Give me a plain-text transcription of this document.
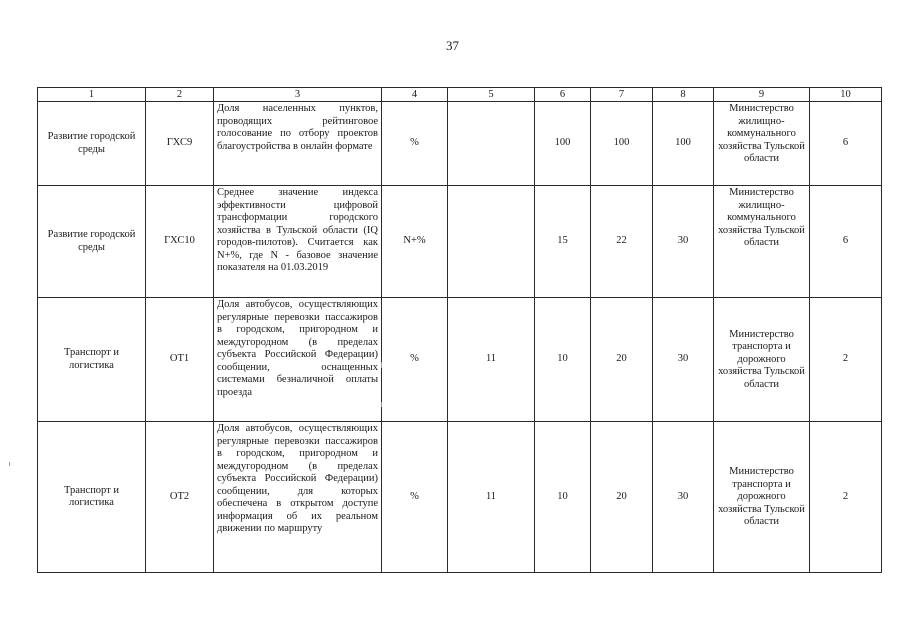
37
1	2	3	4	5	6	7	8	9	10
Развитие городской среды	ГХС9	Доля населенных пунктов, проводящих рейтинговое голосование по отбору проектов благоустройства в онлайн формате	%		100	100	100	Министерство жилищно-коммунального хозяйства Тульской области	6
Развитие городской среды	ГХС10	Среднее значение индекса эффективности цифровой трансформации городского хозяйства в Тульской области (IQ городов-пилотов). Считается как N+%, где N - базовое значение показателя на 01.03.2019	N+%		15	22	30	Министерство жилищно-коммунального хозяйства Тульской области	6
Транспорт и логистика	ОТ1	Доля автобусов, осуществляющих регулярные перевозки пассажиров в городском, пригородном и междугородном (в пределах субъекта Российской Федерации) сообщении, оснащенных системами безналичной оплаты проезда	%	11	10	20	30	Министерство транспорта и дорожного хозяйства Тульской области	2
Транспорт и логистика	ОТ2	Доля автобусов, осуществляющих регулярные перевозки пассажиров в городском, пригородном и междугородном (в пределах субъекта Российской Федерации) сообщении, для которых обеспечена в открытом доступе информация об их реальном движении по маршруту	%	11	10	20	30	Министерство транспорта и дорожного хозяйства Тульской области	2
